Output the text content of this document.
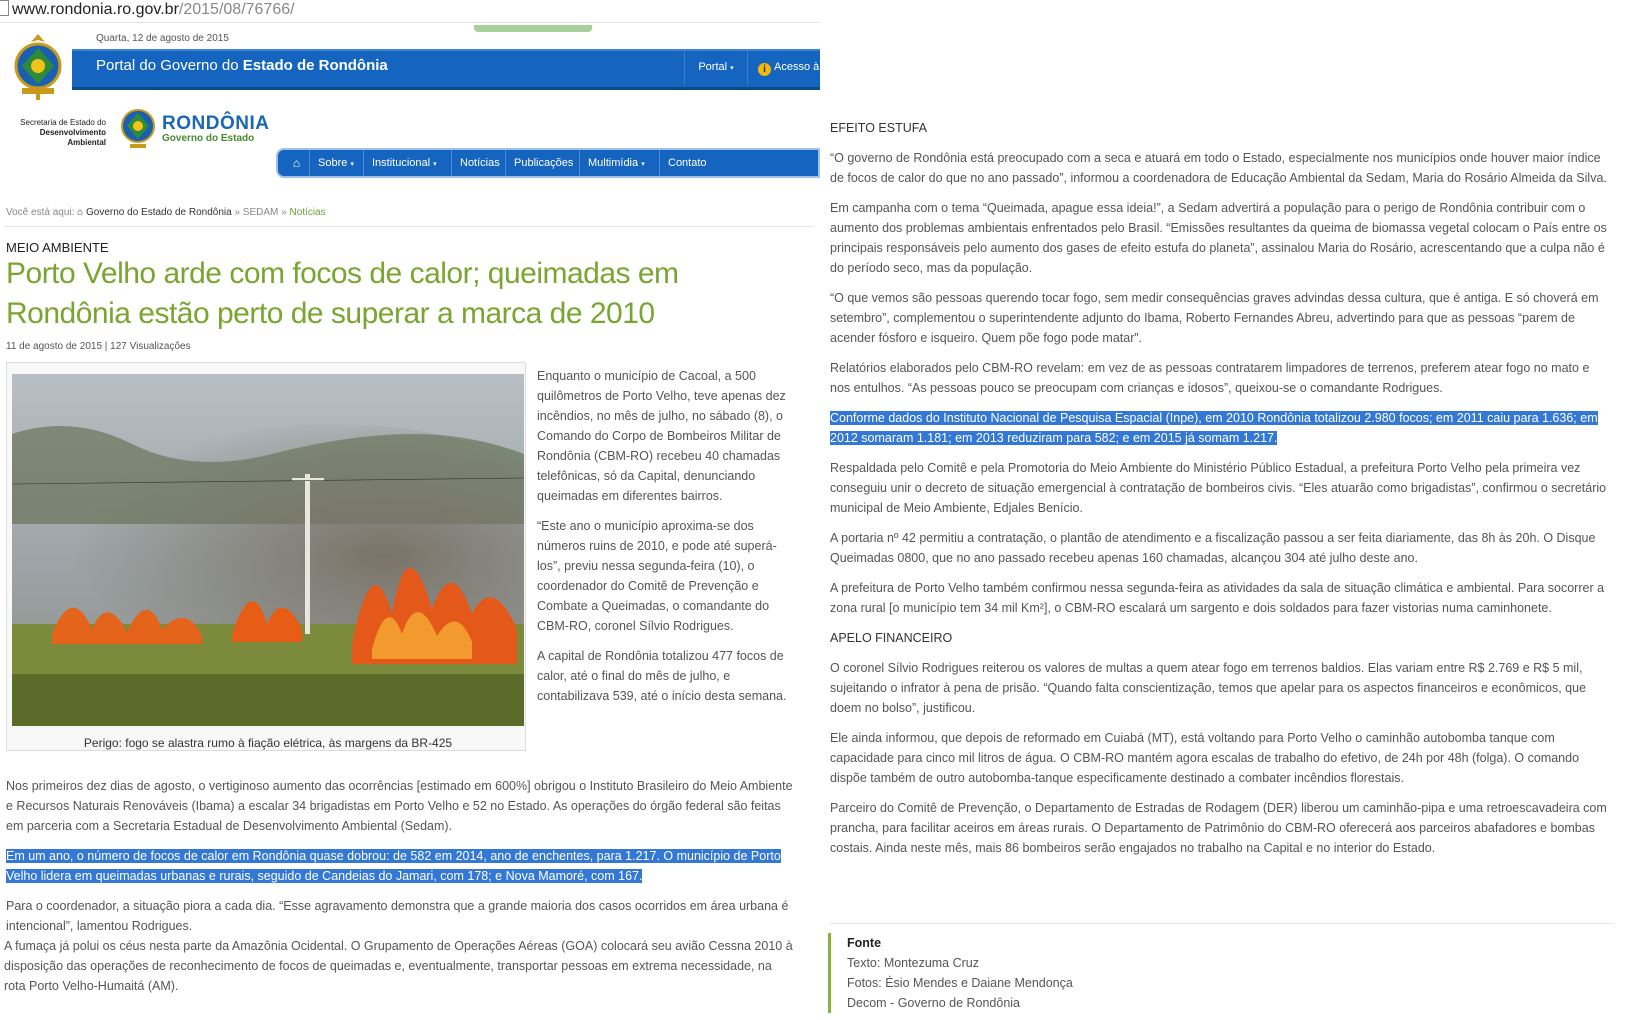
www.rondonia.ro.gov.br/2015/08/76766/
Quarta, 12 de agosto de 2015
Portal do Governo do Estado de Rondônia	Portal ▾	i Acesso à
Secretaria de Estado do
Desenvolvimento Ambiental
RONDÔNIA
Governo do Estado
⌂	Sobre ▾	Institucional ▾	Notícias	Publicações	Multimídia ▾	Contato
Você está aqui: ⌂ Governo do Estado de Rondônia » SEDAM » Notícias
MEIO AMBIENTE
Porto Velho arde com focos de calor; queimadas em Rondônia estão perto de superar a marca de 2010
11 de agosto de 2015 | 127 Visualizações
Perigo: fogo se alastra rumo à fiação elétrica, às margens da BR-425

Enquanto o município de Cacoal, a 500 quilômetros de Porto Velho, teve apenas dez incêndios, no mês de julho, no sábado (8), o Comando do Corpo de Bombeiros Militar de Rondônia (CBM-RO) recebeu 40 chamadas telefônicas, só da Capital, denunciando queimadas em diferentes bairros.

“Este ano o município aproxima-se dos números ruins de 2010, e pode até superá-los”, previu nessa segunda-feira (10), o coordenador do Comitê de Prevenção e Combate a Queimadas, o comandante do CBM-RO, coronel Sílvio Rodrigues.

A capital de Rondônia totalizou 477 focos de calor, até o final do mês de julho, e contabilizava 539, até o início desta semana.

Nos primeiros dez dias de agosto, o vertiginoso aumento das ocorrências [estimado em 600%] obrigou o Instituto Brasileiro do Meio Ambiente e Recursos Naturais Renováveis (Ibama) a escalar 34 brigadistas em Porto Velho e 52 no Estado. As operações do órgão federal são feitas em parceria com a Secretaria Estadual de Desenvolvimento Ambiental (Sedam).

Em um ano, o número de focos de calor em Rondônia quase dobrou: de 582 em 2014, ano de enchentes, para 1.217. O município de Porto Velho lidera em queimadas urbanas e rurais, seguido de Candeias do Jamari, com 178; e Nova Mamoré, com 167.

Para o coordenador, a situação piora a cada dia. “Esse agravamento demonstra que a grande maioria dos casos ocorridos em área urbana é intencional”, lamentou Rodrigues.

A fumaça já polui os céus nesta parte da Amazônia Ocidental. O Grupamento de Operações Aéreas (GOA) colocará seu avião Cessna 2010 à disposição das operações de reconhecimento de focos de queimadas e, eventualmente, transportar pessoas em extrema necessidade, na rota Porto Velho-Humaitá (AM).

EFEITO ESTUFA

“O governo de Rondônia está preocupado com a seca e atuará em todo o Estado, especialmente nos municípios onde houver maior índice de focos de calor do que no ano passado”, informou a coordenadora de Educação Ambiental da Sedam, Maria do Rosário Almeida da Silva.

Em campanha com o tema “Queimada, apague essa ideia!”, a Sedam advertirá a população para o perigo de Rondônia contribuir com o aumento dos problemas ambientais enfrentados pelo Brasil. “Emissões resultantes da queima de biomassa vegetal colocam o País entre os principais responsáveis pelo aumento dos gases de efeito estufa do planeta”, assinalou Maria do Rosário, acrescentando que a culpa não é do período seco, mas da população.

“O que vemos são pessoas querendo tocar fogo, sem medir consequências graves advindas dessa cultura, que é antiga. E só choverá em setembro”, complementou o superintendente adjunto do Ibama, Roberto Fernandes Abreu, advertindo para que as pessoas “parem de acender fósforo e isqueiro. Quem põe fogo pode matar”.

Relatórios elaborados pelo CBM-RO revelam: em vez de as pessoas contratarem limpadores de terrenos, preferem atear fogo no mato e nos entulhos. “As pessoas pouco se preocupam com crianças e idosos”, queixou-se o comandante Rodrigues.

Conforme dados do Instituto Nacional de Pesquisa Espacial (Inpe), em 2010 Rondônia totalizou 2.980 focos; em 2011 caiu para 1.636; em 2012 somaram 1.181; em 2013 reduziram para 582; e em 2015 já somam 1.217.

Respaldada pelo Comitê e pela Promotoria do Meio Ambiente do Ministério Público Estadual, a prefeitura Porto Velho pela primeira vez conseguiu unir o decreto de situação emergencial à contratação de bombeiros civis. “Eles atuarão como brigadistas”, confirmou o secretário municipal de Meio Ambiente, Edjales Benício.

A portaria nº 42 permitiu a contratação, o plantão de atendimento e a fiscalização passou a ser feita diariamente, das 8h às 20h. O Disque Queimadas 0800, que no ano passado recebeu apenas 160 chamadas, alcançou 304 até julho deste ano.

A prefeitura de Porto Velho também confirmou nessa segunda-feira as atividades da sala de situação climática e ambiental. Para socorrer a zona rural [o município tem 34 mil Km²], o CBM-RO escalará um sargento e dois soldados para fazer vistorias numa caminhonete.

APELO FINANCEIRO

O coronel Sílvio Rodrigues reiterou os valores de multas a quem atear fogo em terrenos baldios. Elas variam entre R$ 2.769 e R$ 5 mil, sujeitando o infrator à pena de prisão. “Quando falta conscientização, temos que apelar para os aspectos financeiros e econômicos, que doem no bolso”, justificou.

Ele ainda informou, que depois de reformado em Cuiabá (MT), está voltando para Porto Velho o caminhão autobomba tanque com capacidade para cinco mil litros de água. O CBM-RO mantém agora escalas de trabalho do efetivo, de 24h por 48h (folga). O comando dispõe também de outro autobomba-tanque especificamente destinado a combater incêndios florestais.

Parceiro do Comitê de Prevenção, o Departamento de Estradas de Rodagem (DER) liberou um caminhão-pipa e uma retroescavadeira com prancha, para facilitar aceiros em áreas rurais. O Departamento de Patrimônio do CBM-RO oferecerá aos parceiros abafadores e bombas costais. Ainda neste mês, mais 86 bombeiros serão engajados no trabalho na Capital e no interior do Estado.

Fonte
Texto: Montezuma Cruz
Fotos: Ésio Mendes e Daiane Mendonça
Decom - Governo de Rondônia
